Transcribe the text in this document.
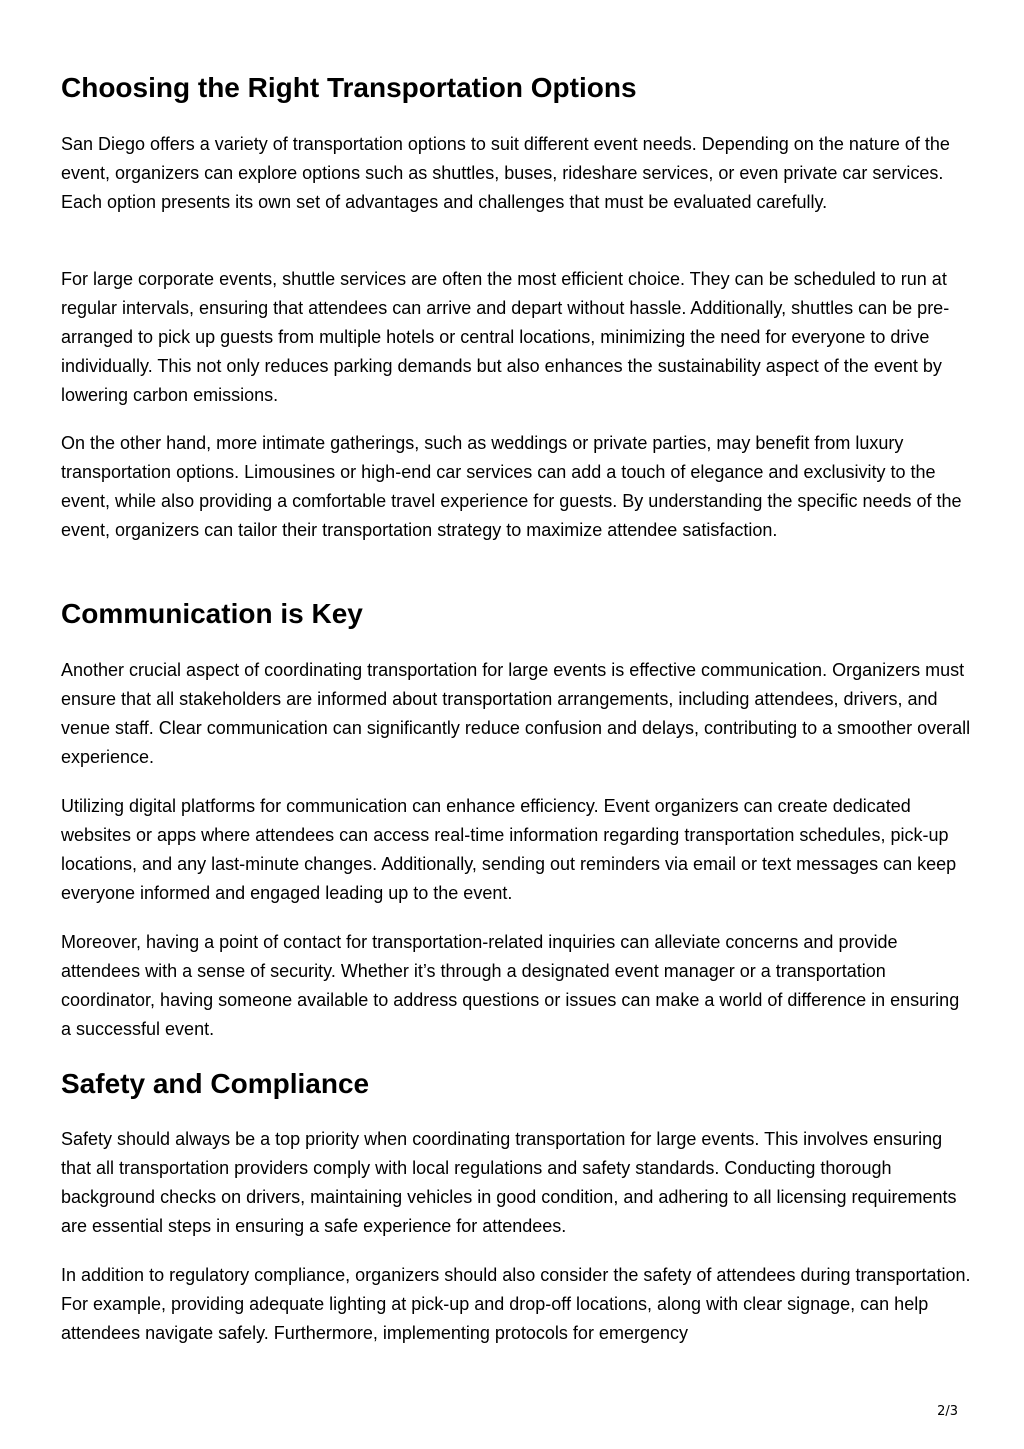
Choosing the Right Transportation Options

San Diego offers a variety of transportation options to suit different event needs. Depending on the nature of the event, organizers can explore options such as shuttles, buses, rideshare services, or even private car services. Each option presents its own set of advantages and challenges that must be evaluated carefully.

For large corporate events, shuttle services are often the most efficient choice. They can be scheduled to run at regular intervals, ensuring that attendees can arrive and depart without hassle. Additionally, shuttles can be pre-arranged to pick up guests from multiple hotels or central locations, minimizing the need for everyone to drive individually. This not only reduces parking demands but also enhances the sustainability aspect of the event by lowering carbon emissions.

On the other hand, more intimate gatherings, such as weddings or private parties, may benefit from luxury transportation options. Limousines or high-end car services can add a touch of elegance and exclusivity to the event, while also providing a comfortable travel experience for guests. By understanding the specific needs of the event, organizers can tailor their transportation strategy to maximize attendee satisfaction.

Communication is Key

Another crucial aspect of coordinating transportation for large events is effective communication. Organizers must ensure that all stakeholders are informed about transportation arrangements, including attendees, drivers, and venue staff. Clear communication can significantly reduce confusion and delays, contributing to a smoother overall experience.

Utilizing digital platforms for communication can enhance efficiency. Event organizers can create dedicated websites or apps where attendees can access real-time information regarding transportation schedules, pick-up locations, and any last-minute changes. Additionally, sending out reminders via email or text messages can keep everyone informed and engaged leading up to the event.

Moreover, having a point of contact for transportation-related inquiries can alleviate concerns and provide attendees with a sense of security. Whether it’s through a designated event manager or a transportation coordinator, having someone available to address questions or issues can make a world of difference in ensuring a successful event.

Safety and Compliance

Safety should always be a top priority when coordinating transportation for large events. This involves ensuring that all transportation providers comply with local regulations and safety standards. Conducting thorough background checks on drivers, maintaining vehicles in good condition, and adhering to all licensing requirements are essential steps in ensuring a safe experience for attendees.

In addition to regulatory compliance, organizers should also consider the safety of attendees during transportation. For example, providing adequate lighting at pick-up and drop-off locations, along with clear signage, can help attendees navigate safely. Furthermore, implementing protocols for emergency

2/3
